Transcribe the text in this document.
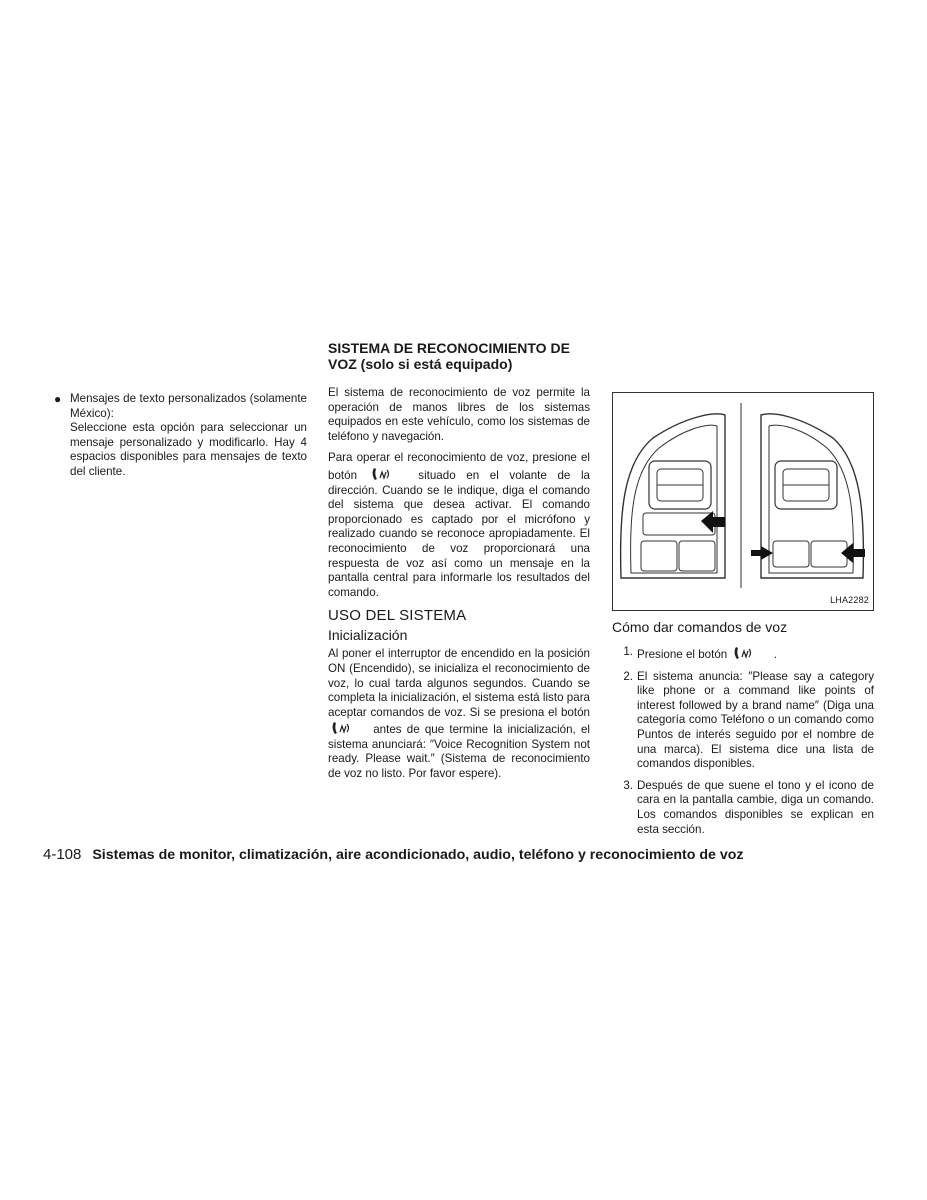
● Mensajes de texto personalizados (solamente México):
Seleccione esta opción para seleccionar un mensaje personalizado y modificarlo. Hay 4 espacios disponibles para mensajes de texto del cliente.
SISTEMA DE RECONOCIMIENTO DE VOZ (solo si está equipado)

El sistema de reconocimiento de voz permite la operación de manos libres de los sistemas equipados en este vehículo, como los sistemas de teléfono y navegación.

Para operar el reconocimiento de voz, presione el botón	situado en el volante de la dirección. Cuando se le indique, diga el comando del sistema que desea activar. El comando proporcionado es captado por el micrófono y realizado cuando se reconoce apropiadamente. El reconocimiento de voz proporcionará una respuesta de voz así como un mensaje en la pantalla central para informarle los resultados del comando.

USO DEL SISTEMA
Inicialización

Al poner el interruptor de encendido en la posición ON (Encendido), se inicializa el reconocimiento de voz, lo cual tarda algunos segundos. Cuando se completa la inicialización, el sistema está listo para aceptar comandos de voz. Si se presiona el botón  antes de que termine la inicialización, el sistema anunciará: ″Voice Recognition System not ready. Please wait.″ (Sistema de reconocimiento de voz no listo. Por favor espere).

LHA2282
Cómo dar comandos de voz
1. Presione el botón	.
2. El sistema anuncia: ″Please say a category like phone or a command like points of interest followed by a brand name″ (Diga una categoría como Teléfono o un comando como Puntos de interés seguido por el nombre de una marca). El sistema dice una lista de comandos disponibles.
3. Después de que suene el tono y el icono de cara en la pantalla cambie, diga un comando. Los comandos disponibles se explican en esta sección.
4-108 Sistemas de monitor, climatización, aire acondicionado, audio, teléfono y reconocimiento de voz
